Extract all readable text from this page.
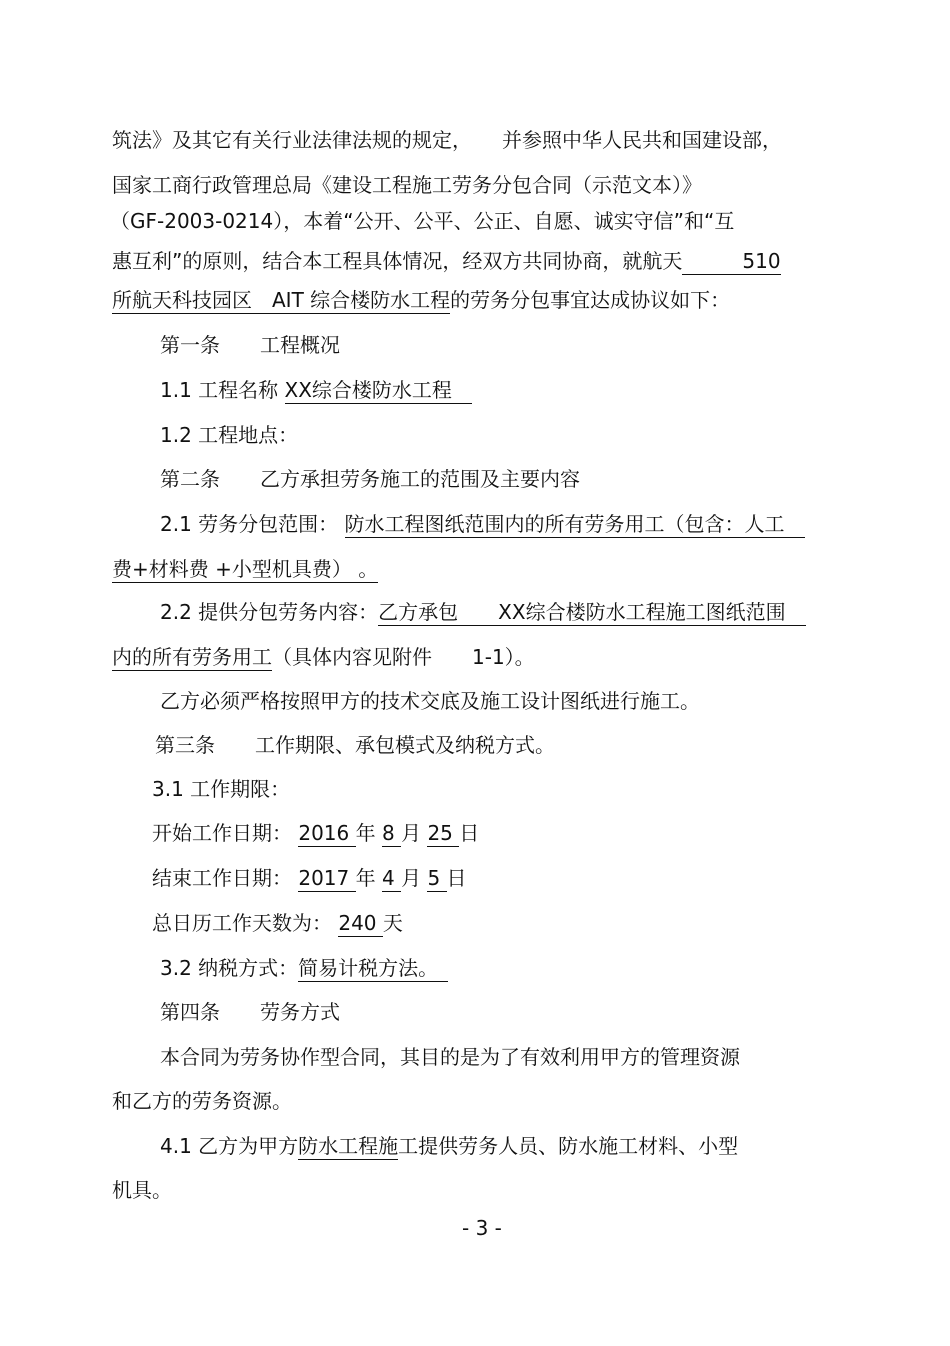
筑法》及其它有关行业法律法规的规定，　　并参照中华人民共和国建设部，
国家工商行政管理总局《建设工程施工劳务分包合同（示范文本）》
（GF-2003-0214），本着“公开、公平、公正、自愿、诚实守信”和“互
惠互利”的原则，结合本工程具体情况，经双方共同协商，就航天　　　510
所航天科技园区　AIT 综合楼防水工程的劳务分包事宜达成协议如下：
第一条　　工程概况
1.1 工程名称 XX综合楼防水工程　
1.2 工程地点：
第二条　　乙方承担劳务施工的范围及主要内容
2.1 劳务分包范围： 防水工程图纸范围内的所有劳务用工（包含：人工　
费+材料费 +小型机具费） 。
2.2 提供分包劳务内容：乙方承包　　XX综合楼防水工程施工图纸范围　
内的所有劳务用工（具体内容见附件　　1-1）。
乙方必须严格按照甲方的技术交底及施工设计图纸进行施工。
第三条　　工作期限、承包模式及纳税方式。
3.1 工作期限：
开始工作日期： 2016 年 8 月 25 日
结束工作日期： 2017 年 4 月 5 日
总日历工作天数为： 240 天
3.2 纳税方式：简易计税方法。　
第四条　　劳务方式
本合同为劳务协作型合同，其目的是为了有效利用甲方的管理资源
和乙方的劳务资源。
4.1 乙方为甲方防水工程施工提供劳务人员、防水施工材料、小型
机具。
- 3 -
